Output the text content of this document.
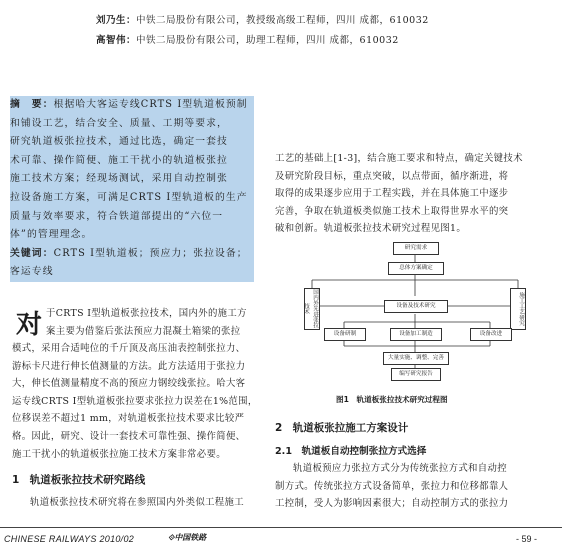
刘乃生：中铁二局股份有限公司，教授级高级工程师，四川 成都，610032
高智伟：中铁二局股份有限公司，助理工程师，四川 成都，610032
摘　要：根据哈大客运专线CRTS I型轨道板预制
和铺设工艺，结合安全、质量、工期等要求，
研究轨道板张拉技术，通过比选，确定一套技
术可靠、操作简便、施工干扰小的轨道板张拉
施工技术方案；经现场测试，采用自动控制张
拉设备施工方案，可满足CRTS I型轨道板的生产
质量与效率要求，符合铁道部提出的“六位一
体”的管理理念。
关键词：CRTS I型轨道板；预应力；张拉设备；
客运专线
对 于CRTS I型轨道板张拉技术，国内外的施工方
案主要为借鉴后张法预应力混凝土箱梁的张拉
模式，采用合适吨位的千斤顶及高压油表控制张拉力、
游标卡尺进行伸长值测量的方法。此方法适用于张拉力
大，伸长值测量精度不高的预应力钢绞线张拉。哈大客
运专线CRTS I型轨道板张拉要求张拉力误差在1%范围，
位移误差不超过1 mm，对轨道板张拉技术要求比较严
格。因此，研究、设计一套技术可靠性强、操作简便、
施工干扰小的轨道板张拉施工技术方案非常必要。
1　轨道板张拉技术研究路线
轨道板张拉技术研究将在参照国内外类似工程施工
工艺的基础上[1-3]，结合施工要求和特点，确定关键技术
及研究阶段目标，重点突破，以点带面，循序渐进，将
取得的成果逐步应用于工程实践，并在具体施工中逐步
完善，争取在轨道板类似施工技术上取得世界水平的突
破和创新。轨道板张拉技术研究过程见图1。
研究需求
总体方案确定
国内外先进张拉技术	施工工艺研究
设备及技术研究
设备研制	设备加工制造	设备改进
大量实施、调整、完善
编写研究报告
图1　轨道板张拉技术研究过程图
2　轨道板张拉施工方案设计
2.1　轨道板自动控制张拉方式选择
轨道板预应力张拉方式分为传统张拉方式和自动控
制方式。传统张拉方式设备简单，张拉力和位移都靠人
工控制，受人为影响因素很大；自动控制方式的张拉力
CHINESE RAILWAYS 2010/02	⟐中国铁路	- 59 -
